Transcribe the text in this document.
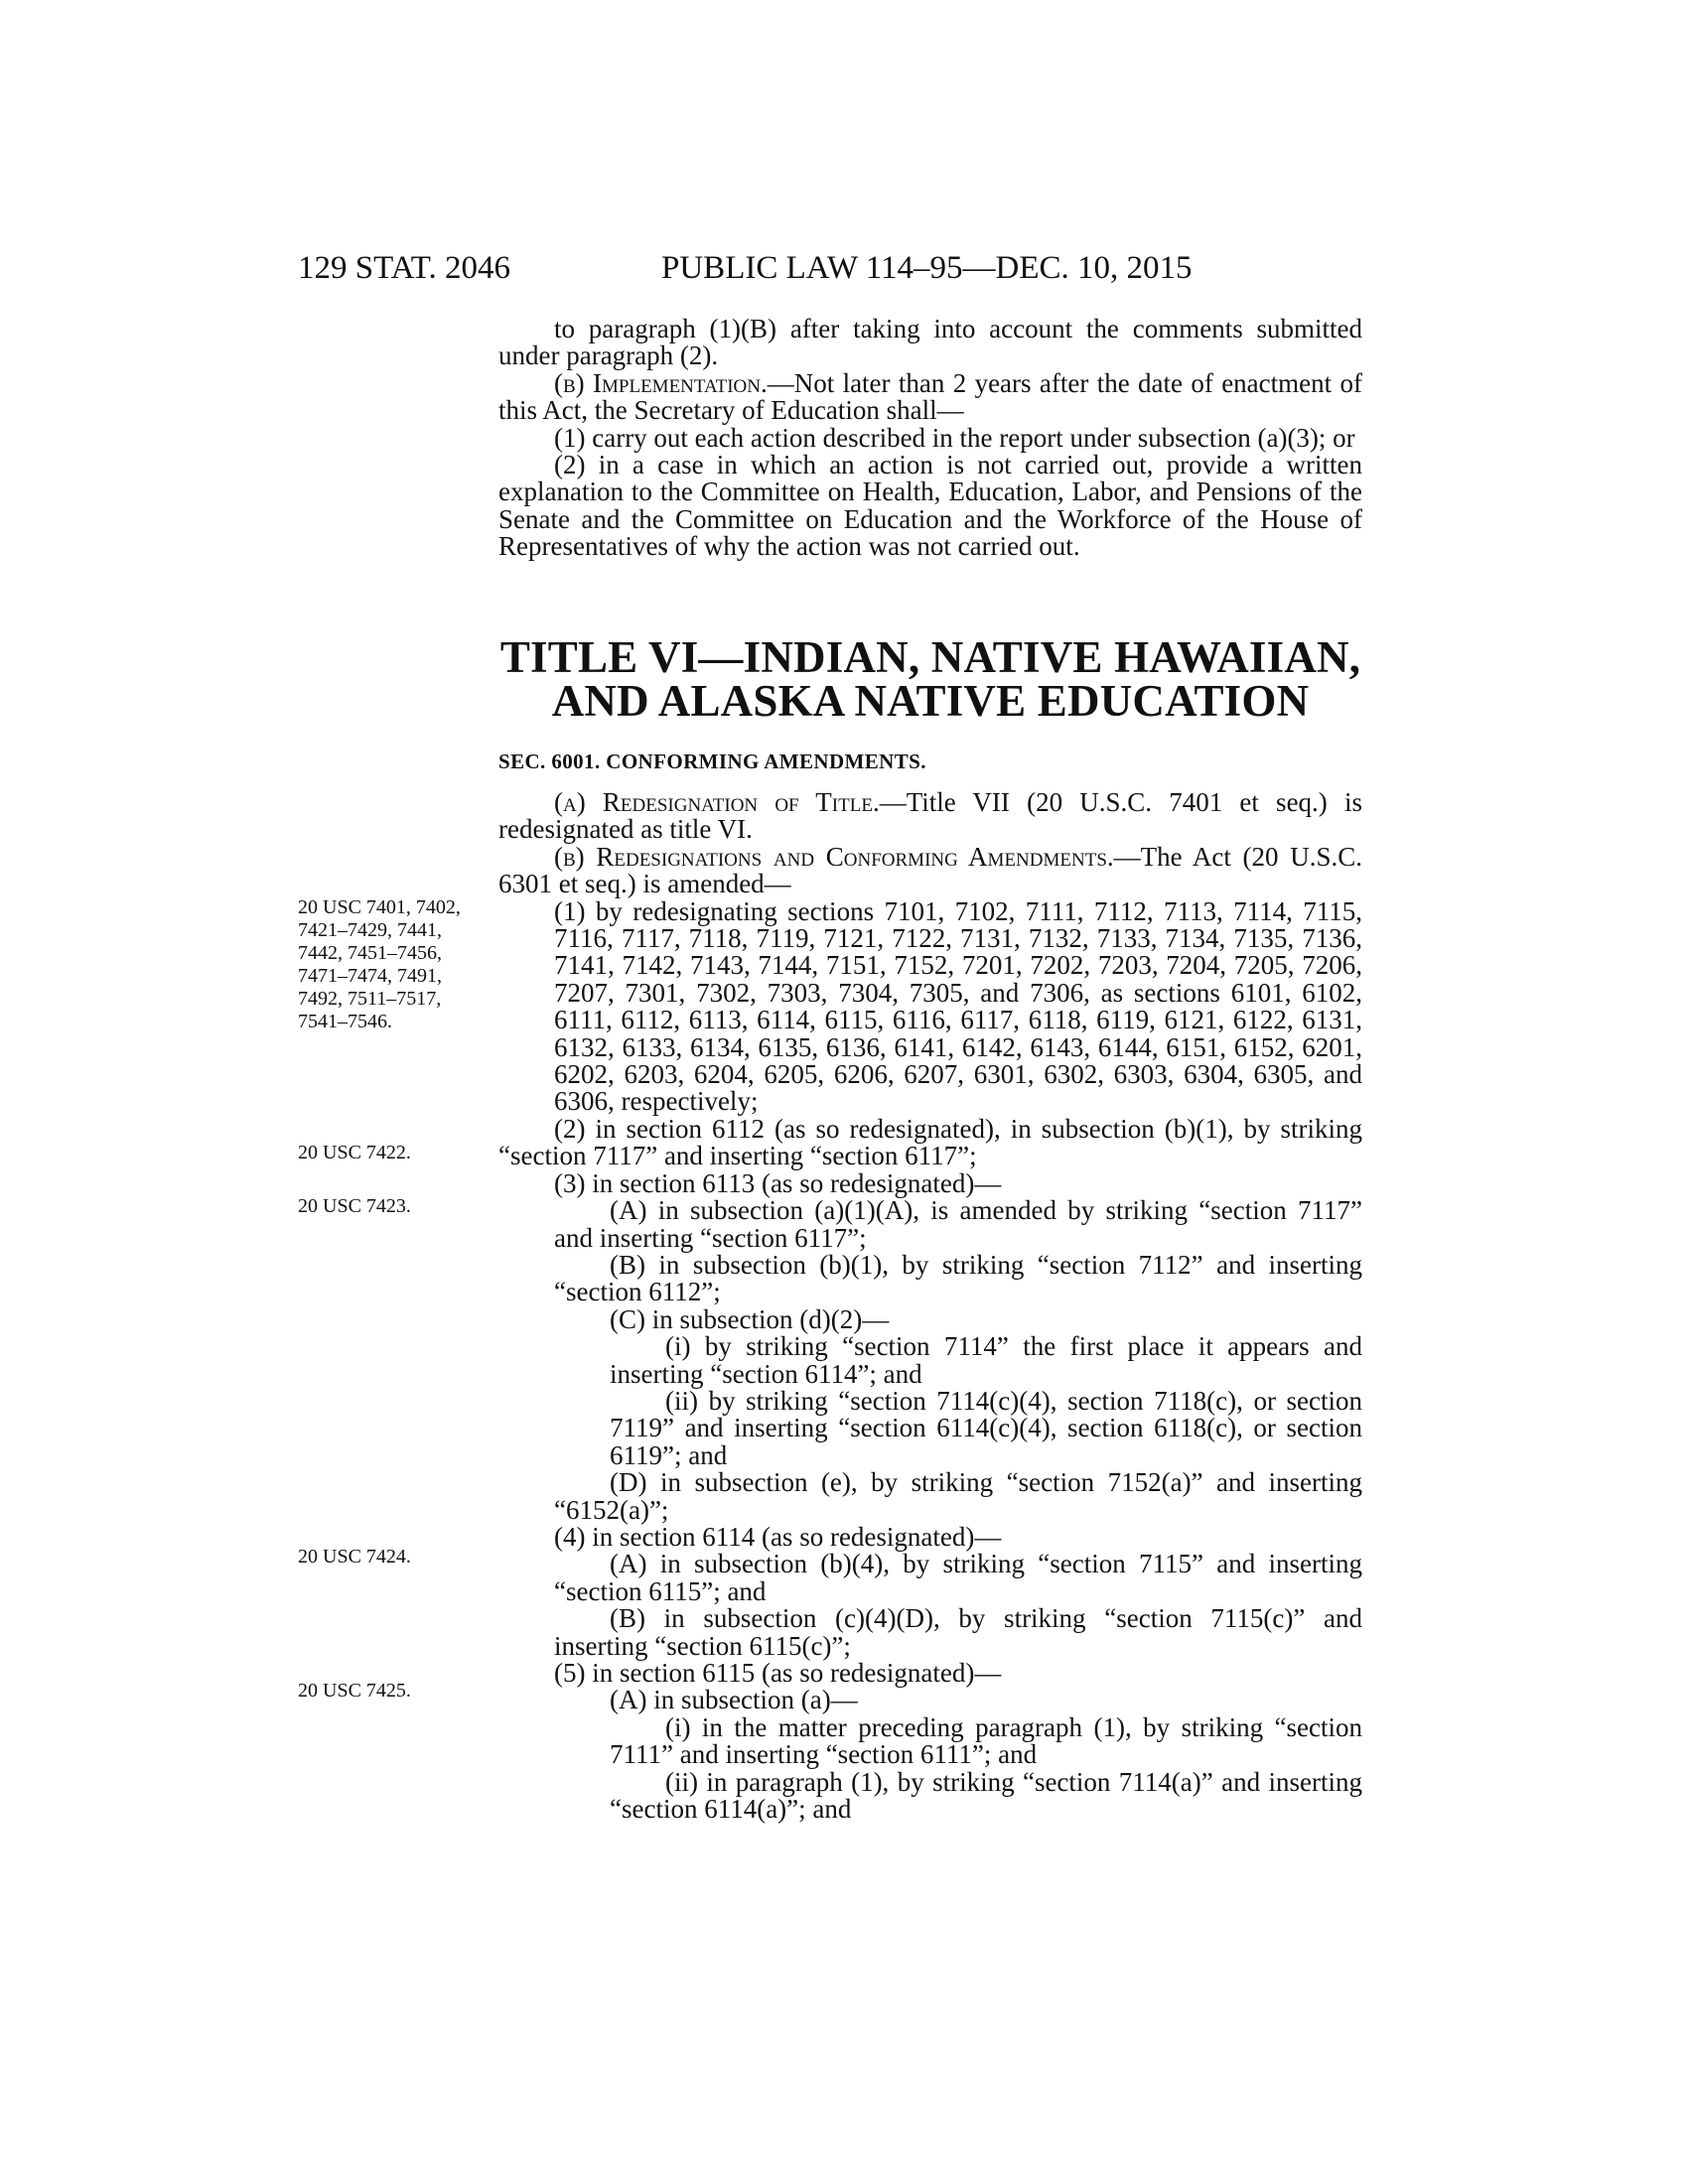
129 STAT. 2046	PUBLIC LAW 114–95—DEC. 10, 2015

to paragraph (1)(B) after taking into account the comments submitted under paragraph (2).

(b) Implementation.—Not later than 2 years after the date of enactment of this Act, the Secretary of Education shall—

(1) carry out each action described in the report under subsection (a)(3); or

(2) in a case in which an action is not carried out, provide a written explanation to the Committee on Health, Education, Labor, and Pensions of the Senate and the Committee on Education and the Workforce of the House of Representatives of why the action was not carried out.

TITLE VI—INDIAN, NATIVE HAWAIIAN,
AND ALASKA NATIVE EDUCATION
SEC. 6001. CONFORMING AMENDMENTS.

(a) Redesignation of Title.—Title VII (20 U.S.C. 7401 et seq.) is redesignated as title VI.

(b) Redesignations and Conforming Amendments.—The Act (20 U.S.C. 6301 et seq.) is amended—

(1) by redesignating sections 7101, 7102, 7111, 7112, 7113, 7114, 7115, 7116, 7117, 7118, 7119, 7121, 7122, 7131, 7132, 7133, 7134, 7135, 7136, 7141, 7142, 7143, 7144, 7151, 7152, 7201, 7202, 7203, 7204, 7205, 7206, 7207, 7301, 7302, 7303, 7304, 7305, and 7306, as sections 6101, 6102, 6111, 6112, 6113, 6114, 6115, 6116, 6117, 6118, 6119, 6121, 6122, 6131, 6132, 6133, 6134, 6135, 6136, 6141, 6142, 6143, 6144, 6151, 6152, 6201, 6202, 6203, 6204, 6205, 6206, 6207, 6301, 6302, 6303, 6304, 6305, and 6306, respectively;

(2) in section 6112 (as so redesignated), in subsection (b)(1), by striking “section 7117” and inserting “section 6117”;

(3) in section 6113 (as so redesignated)—

(A) in subsection (a)(1)(A), is amended by striking “section 7117” and inserting “section 6117”;

(B) in subsection (b)(1), by striking “section 7112” and inserting “section 6112”;

(C) in subsection (d)(2)—

(i) by striking “section 7114” the first place it appears and inserting “section 6114”; and

(ii) by striking “section 7114(c)(4), section 7118(c), or section 7119” and inserting “section 6114(c)(4), section 6118(c), or section 6119”; and

(D) in subsection (e), by striking “section 7152(a)” and inserting “6152(a)”;

(4) in section 6114 (as so redesignated)—

(A) in subsection (b)(4), by striking “section 7115” and inserting “section 6115”; and

(B) in subsection (c)(4)(D), by striking “section 7115(c)” and inserting “section 6115(c)”;

(5) in section 6115 (as so redesignated)—

(A) in subsection (a)—

(i) in the matter preceding paragraph (1), by striking “section 7111” and inserting “section 6111”; and

(ii) in paragraph (1), by striking “section 7114(a)” and inserting “section 6114(a)”; and

20 USC 7401, 7402, 7421–7429, 7441, 7442, 7451–7456, 7471–7474, 7491, 7492, 7511–7517, 7541–7546.
20 USC 7422.
20 USC 7423.
20 USC 7424.
20 USC 7425.
